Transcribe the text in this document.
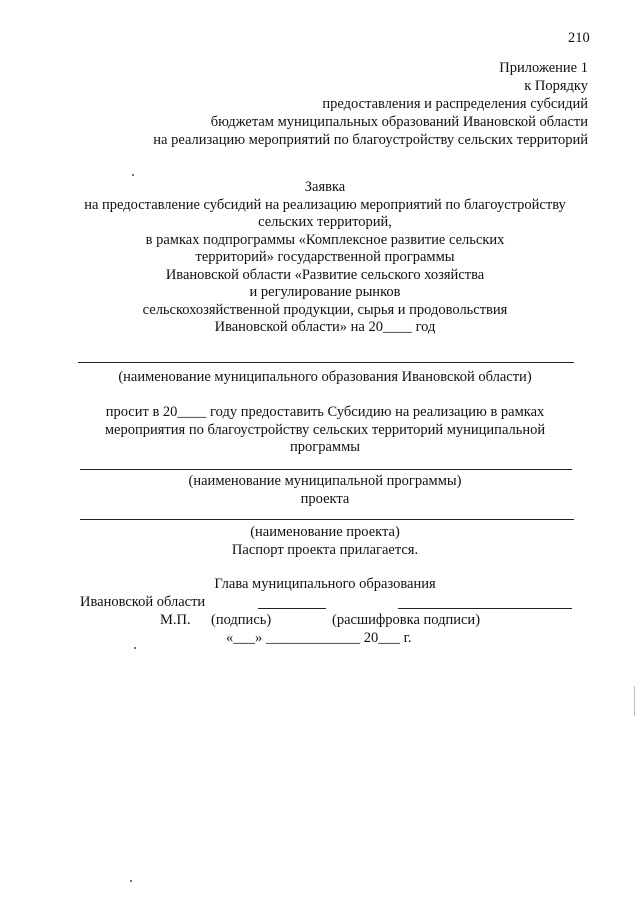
210
Приложение 1
к Порядку
предоставления и распределения субсидий
бюджетам муниципальных образований Ивановской области
на реализацию мероприятий по благоустройству сельских территорий
Заявка
на предоставление субсидий на реализацию мероприятий по благоустройству
сельских территорий,
в рамках подпрограммы «Комплексное развитие сельских
территорий» государственной программы
Ивановской области «Развитие сельского хозяйства
и регулирование рынков
сельскохозяйственной продукции, сырья и продовольствия
Ивановской области» на 20____ год
(наименование муниципального образования Ивановской области)
просит в 20____ году предоставить Субсидию на реализацию в рамках
мероприятия по благоустройству сельских территорий муниципальной
программы
(наименование муниципальной программы)
проекта
(наименование проекта)
Паспорт проекта прилагается.
Глава муниципального образования
Ивановской области
М.П. (подпись)	(расшифровка подписи)
«___» _____________ 20___ г.
